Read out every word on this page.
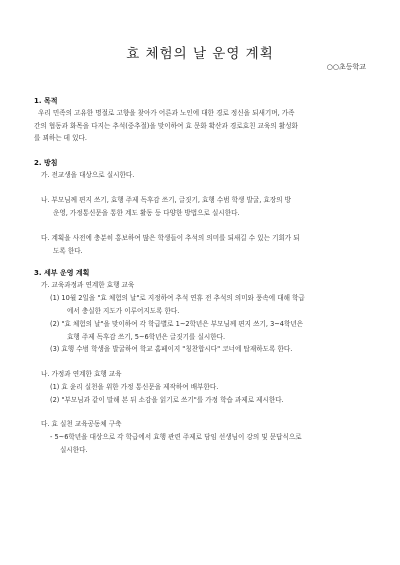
효 체험의 날 운영 계획
○○초등학교
1. 목적
우리 민족의 고유한 명절로 고향을 찾아가 어른과 노인에 대한 경로 정신을 되새기며, 가족
간의 협동과 화목을 다지는 추석(중추절)을 맞이하여 효 문화 확산과 경로효친 교육의 활성화
를 꾀하는 데 있다.
2. 방침
가. 전교생을 대상으로 실시한다.
나. 부모님께 편지 쓰기, 효행 주제 독후감 쓰기, 글짓기, 효행 수범 학생 발굴, 효장의 방
운영, 가정통신문을 통한 계도 활동 등 다양한 방법으로 실시한다.
다. 계획을 사전에 충분히 홍보하여 많은 학생들이 추석의 의미를 되새길 수 있는 기회가 되
도록 한다.
3. 세부 운영 계획
가. 교육과정과 연계한 효행 교육
(1) 10월 2일을 "효 체험의 날"로 지정하여 추석 연휴 전 추석의 의미와 풍속에 대해 학급
에서 충실한 지도가 이루어지도록 한다.
(2) "효 체험의 날"을 맞이하여 각 학급별로 1~2학년은 부모님께 편지 쓰기, 3~4학년은
효행 주제 독후감 쓰기, 5~6학년은 글짓기를 실시한다.
(3) 효행 수범 학생을 발굴하여 학교 홈페이지 "칭찬합시다" 코너에 탑재하도록 한다.
나. 가정과 연계한 효행 교육
(1) 효 윤리 실천을 위한 가정 통신문을 제작하여 배부한다.
(2) "부모님과 같이 말해 본 뒤 소감을 읽기로 쓰기"를 가정 학습 과제로 제시한다.
다. 효 실천 교육공동체 구축
- 5~6학년을 대상으로 각 학급에서 효행 관련 주제로 담임 선생님이 강의 및 문답식으로
실시한다.
